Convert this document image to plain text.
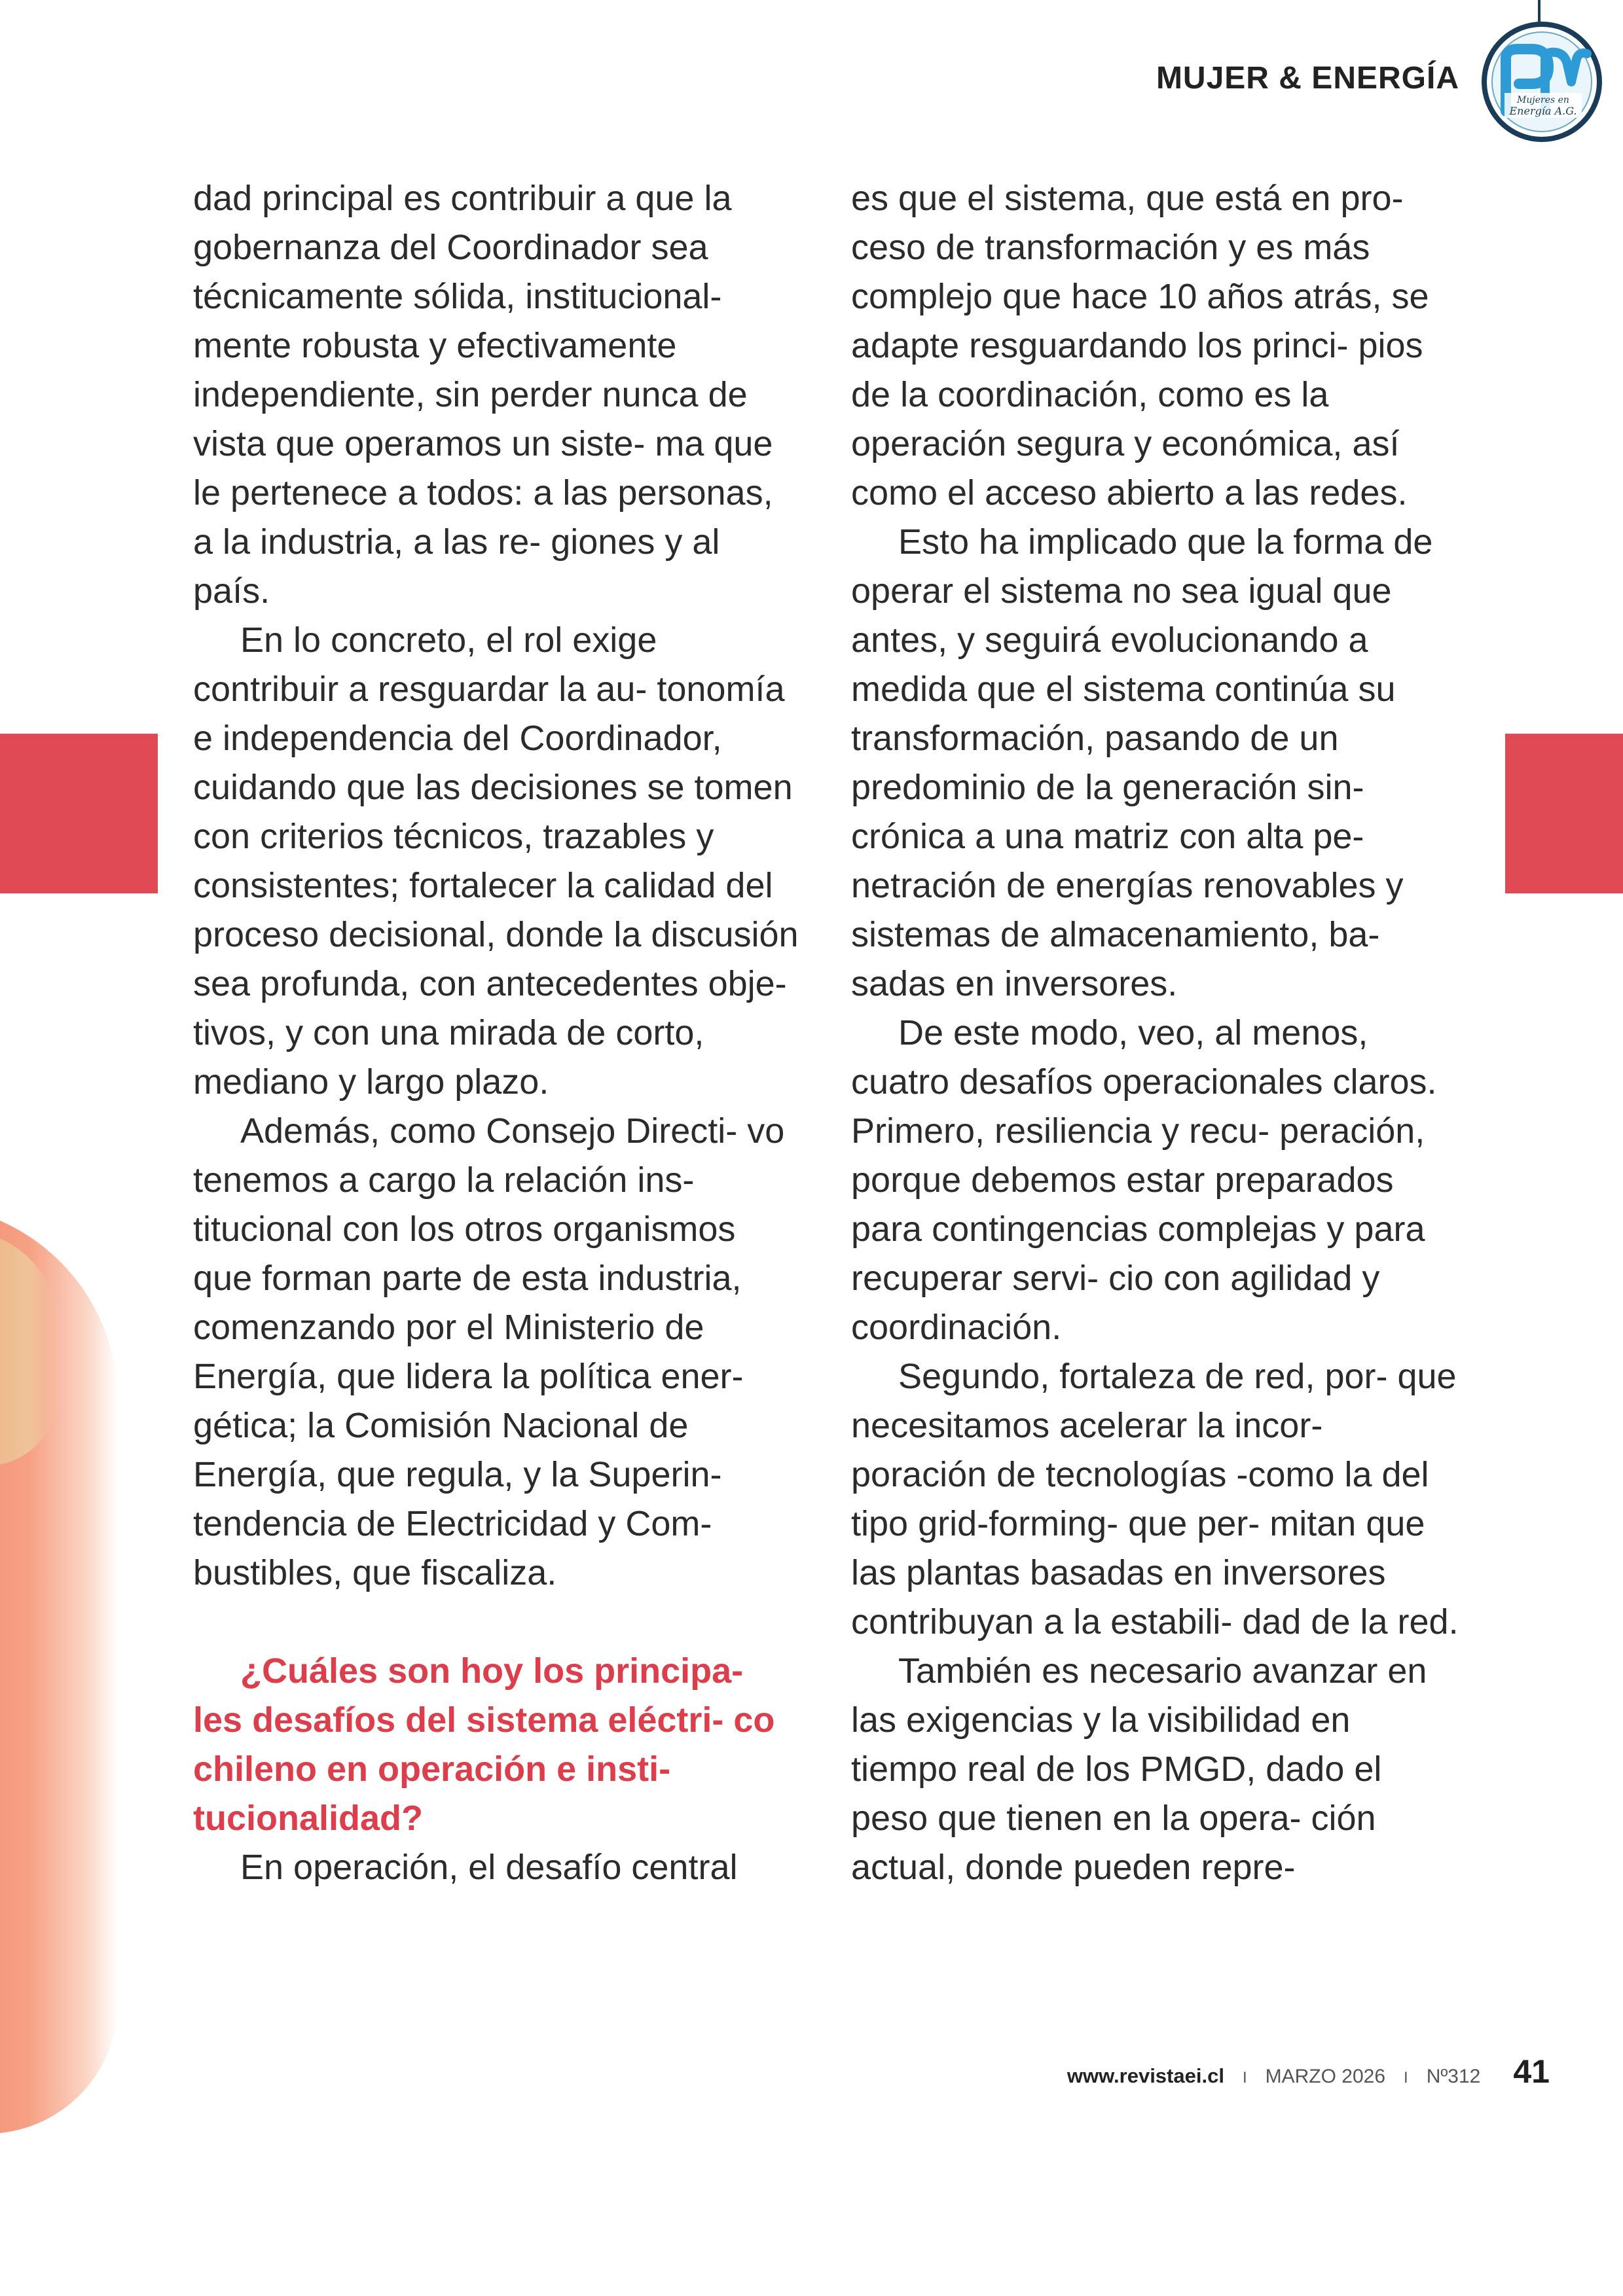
MUJER & ENERGÍA
Mujeres en
Energía A.G.

dad principal es contribuir a que la gobernanza del Coordinador sea técnicamente sólida, institucional- mente robusta y efectivamente independiente, sin perder nunca de vista que operamos un siste- ma que le pertenece a todos: a las personas, a la industria, a las re- giones y al país.

En lo concreto, el rol exige contribuir a resguardar la au- tonomía e independencia del Coordinador, cuidando que las decisiones se tomen con criterios técnicos, trazables y consistentes; fortalecer la calidad del proceso decisional, donde la discusión sea profunda, con antecedentes obje- tivos, y con una mirada de corto, mediano y largo plazo.

Además, como Consejo Directi- vo tenemos a cargo la relación ins- titucional con los otros organismos que forman parte de esta industria, comenzando por el Ministerio de Energía, que lidera la política ener- gética; la Comisión Nacional de Energía, que regula, y la Superin- tendencia de Electricidad y Com- bustibles, que fiscaliza.

¿Cuáles son hoy los principa- les desafíos del sistema eléctri- co chileno en operación e insti- tucionalidad?

En operación, el desafío central

es que el sistema, que está en pro- ceso de transformación y es más complejo que hace 10 años atrás, se adapte resguardando los princi- pios de la coordinación, como es la operación segura y económica, así como el acceso abierto a las redes.

Esto ha implicado que la forma de operar el sistema no sea igual que antes, y seguirá evolucionando a medida que el sistema continúa su transformación, pasando de un predominio de la generación sin- crónica a una matriz con alta pe- netración de energías renovables y sistemas de almacenamiento, ba- sadas en inversores.

De este modo, veo, al menos, cuatro desafíos operacionales claros. Primero, resiliencia y recu- peración, porque debemos estar preparados para contingencias complejas y para recuperar servi- cio con agilidad y coordinación.

Segundo, fortaleza de red, por- que necesitamos acelerar la incor- poración de tecnologías -como la del tipo grid-forming- que per- mitan que las plantas basadas en inversores contribuyan a la estabili- dad de la red.

También es necesario avanzar en las exigencias y la visibilidad en tiempo real de los PMGD, dado el peso que tienen en la opera- ción actual, donde pueden repre-

www.revistaei.cl I MARZO 2026 I Nº312 41
